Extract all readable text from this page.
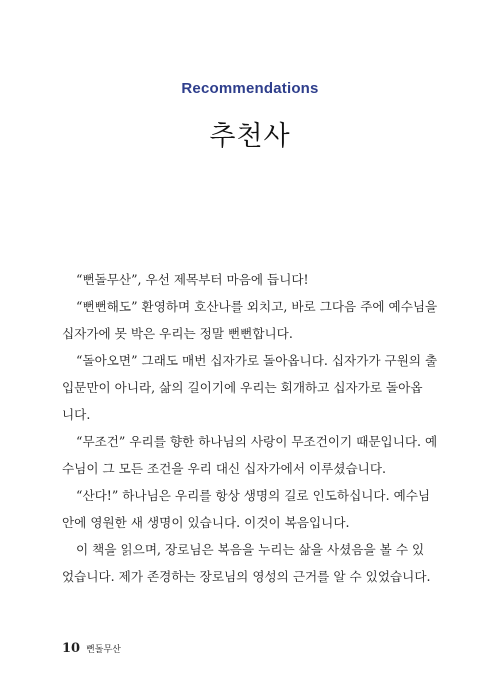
Recommendations
추천사
“뻔돌무산”, 우선 제목부터 마음에 듭니다!
“뻔뻔해도” 환영하며 호산나를 외치고, 바로 그다음 주에 예수님을
십자가에 못 박은 우리는 정말 뻔뻔합니다.
“돌아오면” 그래도 매번 십자가로 돌아옵니다. 십자가가 구원의 출
입문만이 아니라, 삶의 길이기에 우리는 회개하고 십자가로 돌아옵
니다.
“무조건” 우리를 향한 하나님의 사랑이 무조건이기 때문입니다. 예
수님이 그 모든 조건을 우리 대신 십자가에서 이루셨습니다.
“산다!” 하나님은 우리를 항상 생명의 길로 인도하십니다. 예수님
안에 영원한 새 생명이 있습니다. 이것이 복음입니다.
이 책을 읽으며, 장로님은 복음을 누리는 삶을 사셨음을 볼 수 있
었습니다. 제가 존경하는 장로님의 영성의 근거를 알 수 있었습니다.
10 뻔돌무산
